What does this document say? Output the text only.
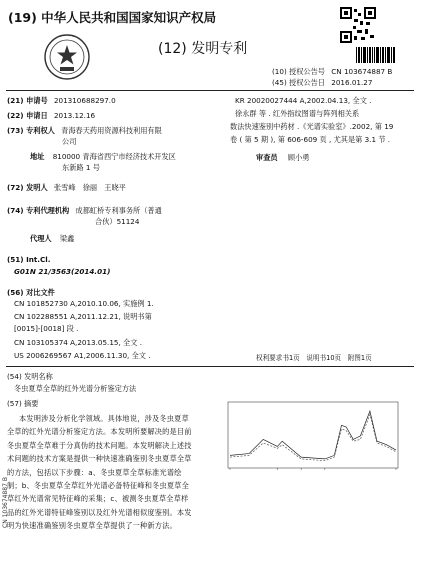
(19) 中华人民共和国国家知识产权局
(12) 发明专利
(10) 授权公告号 CN 103674887 B
(45) 授权公告日 2016.01.27
(21) 申请号 201310688297.0
(22) 申请日 2013.12.16
(73) 专利权人 青海春天药用资源科技利用有限
公司
地址 810000 青海省西宁市经济技术开发区
东新路 1 号
(72) 发明人 张雪峰　徐丽　王晓平
(74) 专利代理机构 成都虹桥专利事务所（普通
合伙）51124
代理人 梁鑫
(51) Int.Cl.
G01N 21/3563(2014.01)
(56) 对比文件
CN 101852730 A,2010.10.06, 实施例 1.
CN 102288551 A,2011.12.21, 说明书第
[0015]-[0018] 段 .
CN 103105374 A,2013.05.15, 全文 .
US 2006269567 A1,2006.11.30, 全文 .
KR 20020027444 A,2002.04.13, 全文 .
徐永群 等 . 红外指纹图谱与阵列相关系
数法快速鉴别中药材 .《光谱实验室》.2002, 第 19
卷 ( 第 5 期 ), 第 606-609 页 , 尤其是第 3.1 节 .
审查员 顾小勇
权利要求书1页　说明书10页　附图1页
(54) 发明名称
冬虫夏草全草的红外光谱分析鉴定方法
(57) 摘要
本发明涉及分析化学领域。具体地说，涉及冬虫夏草全草的红外光谱分析鉴定方法。本发明所要解决的是目前冬虫夏草全草难于分真伪的技术问题。本发明解决上述技术问题的技术方案是提供一种快速准确鉴别冬虫夏草全草的方法，包括以下步骤：a、冬虫夏草全草标准光谱绘制；b、冬虫夏草全草红外光谱必备特征峰和冬虫夏草全草红外光谱常见特征峰的采集；c、被测冬虫夏草全草样品的红外光谱特征峰鉴别以及红外光谱相似度鉴别。本发明为快速准确鉴别冬虫夏草全草提供了一种新方法。
CN 103674887 B
